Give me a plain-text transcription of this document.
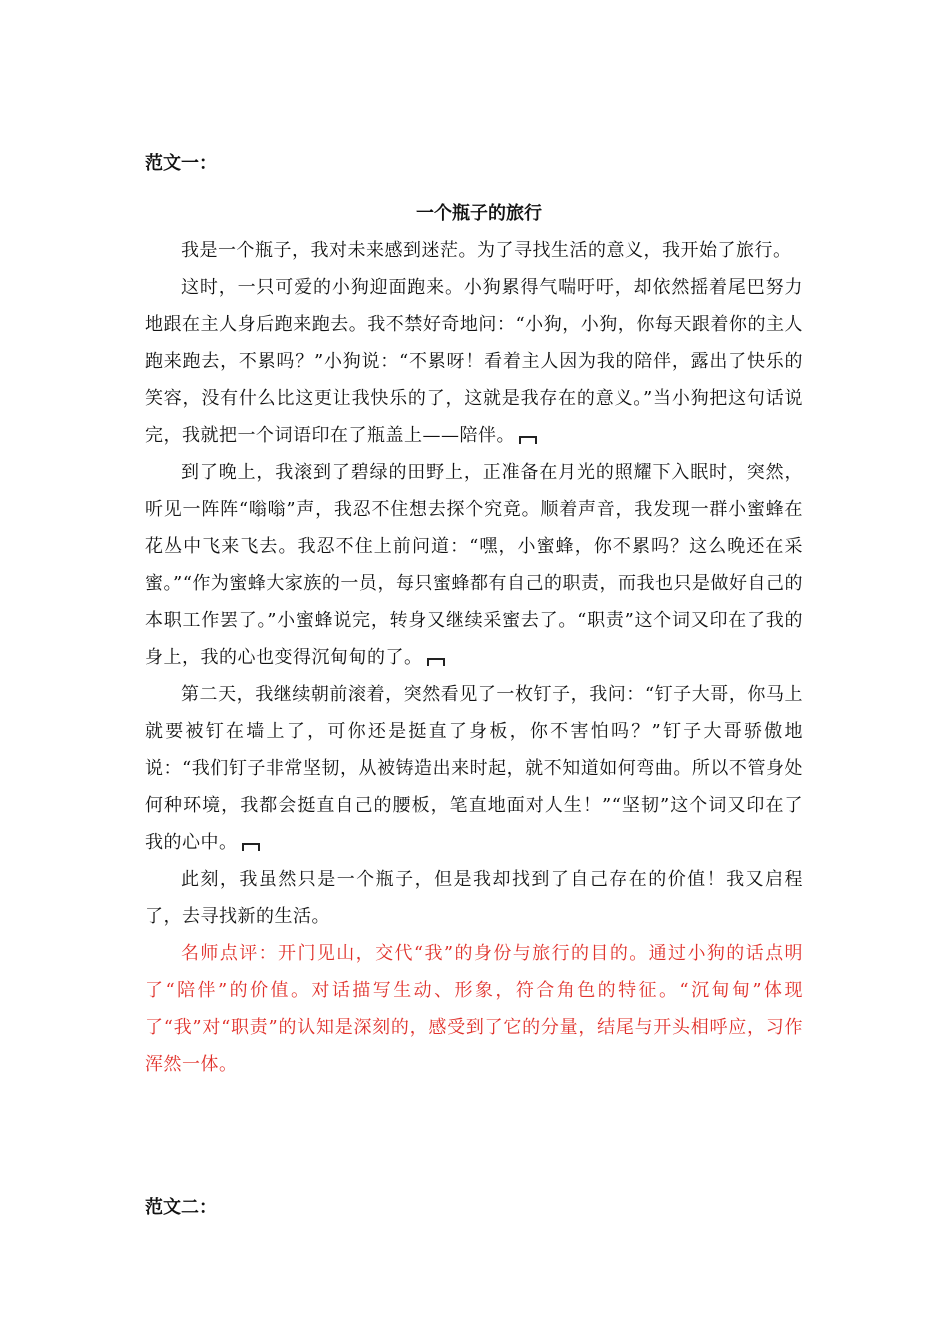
范文一：
一个瓶子的旅行

我是一个瓶子，我对未来感到迷茫。为了寻找生活的意义，我开始了旅行。

这时，一只可爱的小狗迎面跑来。小狗累得气喘吁吁，却依然摇着尾巴努力地跟在主人身后跑来跑去。我不禁好奇地问：“小狗，小狗，你每天跟着你的主人跑来跑去，不累吗？”小狗说：“不累呀！看着主人因为我的陪伴，露出了快乐的笑容，没有什么比这更让我快乐的了，这就是我存在的意义。”当小狗把这句话说完，我就把一个词语印在了瓶盖上——陪伴。

到了晚上，我滚到了碧绿的田野上，正准备在月光的照耀下入眠时，突然，听见一阵阵“嗡嗡”声，我忍不住想去探个究竟。顺着声音，我发现一群小蜜蜂在花丛中飞来飞去。我忍不住上前问道：“嘿，小蜜蜂，你不累吗？这么晚还在采蜜。”“作为蜜蜂大家族的一员，每只蜜蜂都有自己的职责，而我也只是做好自己的本职工作罢了。”小蜜蜂说完，转身又继续采蜜去了。“职责”这个词又印在了我的身上，我的心也变得沉甸甸的了。

第二天，我继续朝前滚着，突然看见了一枚钉子，我问：“钉子大哥，你马上就要被钉在墙上了，可你还是挺直了身板，你不害怕吗？”钉子大哥骄傲地说：“我们钉子非常坚韧，从被铸造出来时起，就不知道如何弯曲。所以不管身处何种环境，我都会挺直自己的腰板，笔直地面对人生！”“坚韧”这个词又印在了我的心中。

此刻，我虽然只是一个瓶子，但是我却找到了自己存在的价值！我又启程了，去寻找新的生活。

名师点评：开门见山，交代“我”的身份与旅行的目的。通过小狗的话点明了“陪伴”的价值。对话描写生动、形象，符合角色的特征。“沉甸甸”体现了“我”对“职责”的认知是深刻的，感受到了它的分量，结尾与开头相呼应，习作浑然一体。

范文二：
